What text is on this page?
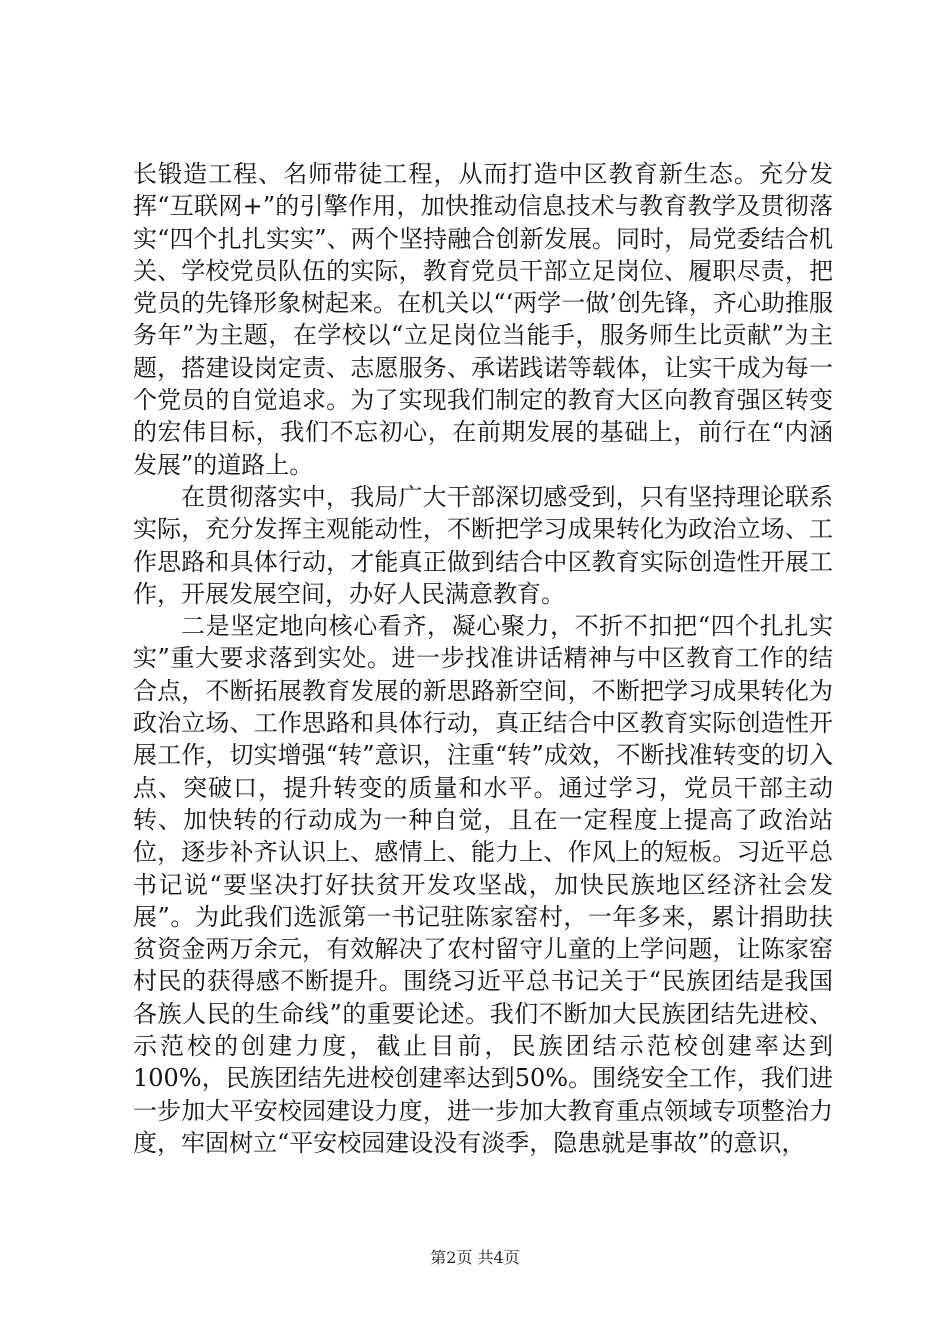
长锻造工程、名师带徒工程，从而打造中区教育新生态。充分发挥“互联网+”的引擎作用，加快推动信息技术与教育教学及贯彻落实“四个扎扎实实”、两个坚持融合创新发展。同时，局党委结合机关、学校党员队伍的实际，教育党员干部立足岗位、履职尽责，把党员的先锋形象树起来。在机关以“‘两学一做’创先锋，齐心助推服务年”为主题，在学校以“立足岗位当能手，服务师生比贡献”为主题，搭建设岗定责、志愿服务、承诺践诺等载体，让实干成为每一个党员的自觉追求。为了实现我们制定的教育大区向教育强区转变的宏伟目标，我们不忘初心，在前期发展的基础上，前行在“内涵发展”的道路上。

在贯彻落实中，我局广大干部深切感受到，只有坚持理论联系实际，充分发挥主观能动性，不断把学习成果转化为政治立场、工作思路和具体行动，才能真正做到结合中区教育实际创造性开展工作，开展发展空间，办好人民满意教育。

二是坚定地向核心看齐，凝心聚力，不折不扣把“四个扎扎实实”重大要求落到实处。进一步找准讲话精神与中区教育工作的结合点，不断拓展教育发展的新思路新空间，不断把学习成果转化为政治立场、工作思路和具体行动，真正结合中区教育实际创造性开展工作，切实增强“转”意识，注重“转”成效，不断找准转变的切入点、突破口，提升转变的质量和水平。通过学习，党员干部主动转、加快转的行动成为一种自觉，且在一定程度上提高了政治站位，逐步补齐认识上、感情上、能力上、作风上的短板。习近平总书记说“要坚决打好扶贫开发攻坚战，加快民族地区经济社会发展”。为此我们选派第一书记驻陈家窑村，一年多来，累计捐助扶贫资金两万余元，有效解决了农村留守儿童的上学问题，让陈家窑村民的获得感不断提升。围绕习近平总书记关于“民族团结是我国各族人民的生命线”的重要论述。我们不断加大民族团结先进校、示范校的创建力度，截止目前，民族团结示范校创建率达到100%，民族团结先进校创建率达到50%。围绕安全工作，我们进一步加大平安校园建设力度，进一步加大教育重点领域专项整治力度，牢固树立“平安校园建设没有淡季，隐患就是事故”的意识，

第2页 共4页
